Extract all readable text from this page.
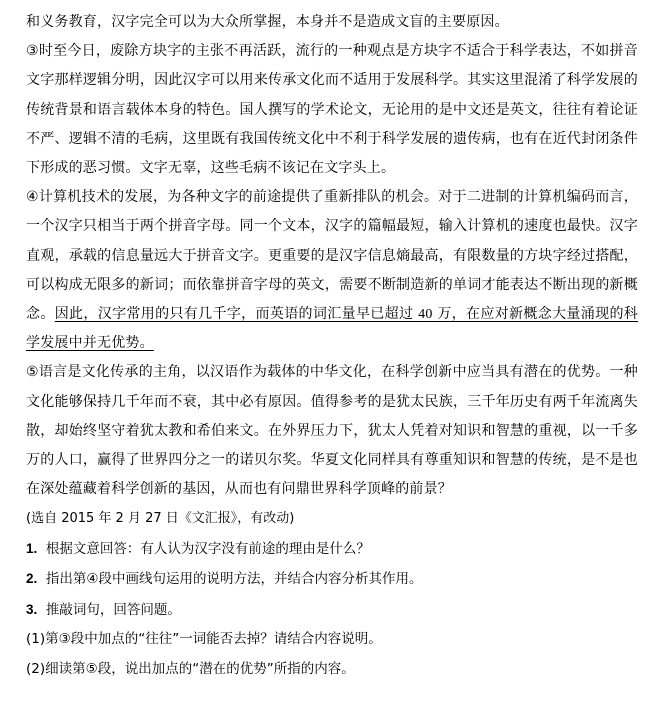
和义务教育，汉字完全可以为大众所掌握，本身并不是造成文盲的主要原因。

③时至今日，废除方块字的主张不再活跃，流行的一种观点是方块字不适合于科学表达，不如拼音文字那样逻辑分明，因此汉字可以用来传承文化而不适用于发展科学。其实这里混淆了科学发展的传统背景和语言载体本身的特色。国人撰写的学术论文，无论用的是中文还是英文，往往有着论证不严、逻辑不清的毛病，这里既有我国传统文化中不利于科学发展的遗传病，也有在近代封闭条件下形成的恶习惯。文字无辜，这些毛病不该记在文字头上。

④计算机技术的发展，为各种文字的前途提供了重新排队的机会。对于二进制的计算机编码而言，一个汉字只相当于两个拼音字母。同一个文本，汉字的篇幅最短，输入计算机的速度也最快。汉字直观，承载的信息量远大于拼音文字。更重要的是汉字信息熵最高，有限数量的方块字经过搭配，可以构成无限多的新词；而依靠拼音字母的英文，需要不断制造新的单词才能表达不断出现的新概念。因此，汉字常用的只有几千字，而英语的词汇量早已超过 40 万，在应对新概念大量涌现的科学发展中并无优势。

⑤语言是文化传承的主角，以汉语作为载体的中华文化，在科学创新中应当具有潜在的优势。一种文化能够保持几千年而不衰，其中必有原因。值得参考的是犹太民族，三千年历史有两千年流离失散，却始终坚守着犹太教和希伯来文。在外界压力下，犹太人凭着对知识和智慧的重视，以一千多万的人口，赢得了世界四分之一的诺贝尔奖。华夏文化同样具有尊重知识和智慧的传统，是不是也在深处蕴藏着科学创新的基因，从而也有问鼎世界科学顶峰的前景？

(选自 2015 年 2 月 27 日《文汇报》，有改动)

1. 根据文意回答：有人认为汉字没有前途的理由是什么？

2. 指出第④段中画线句运用的说明方法，并结合内容分析其作用。

3. 推敲词句，回答问题。

(1)第③段中加点的“往往”一词能否去掉？请结合内容说明。

(2)细读第⑤段，说出加点的“潜在的优势”所指的内容。
